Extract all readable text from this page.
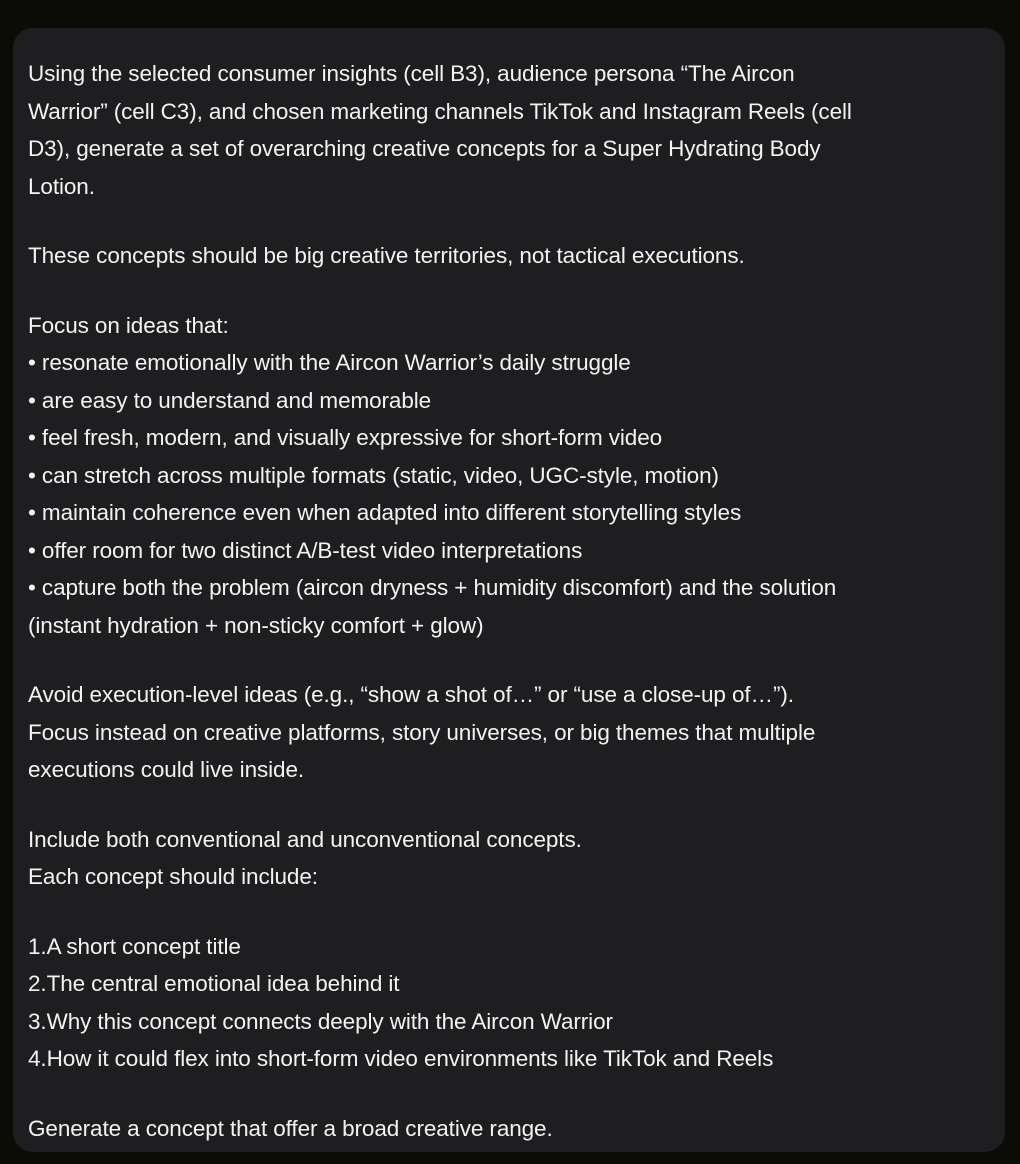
Using the selected consumer insights (cell B3), audience persona “The Aircon
Warrior” (cell C3), and chosen marketing channels TikTok and Instagram Reels (cell
D3), generate a set of overarching creative concepts for a Super Hydrating Body
Lotion.
These concepts should be big creative territories, not tactical executions.
Focus on ideas that:
• resonate emotionally with the Aircon Warrior’s daily struggle
• are easy to understand and memorable
• feel fresh, modern, and visually expressive for short-form video
• can stretch across multiple formats (static, video, UGC-style, motion)
• maintain coherence even when adapted into different storytelling styles
• offer room for two distinct A/B-test video interpretations
• capture both the problem (aircon dryness + humidity discomfort) and the solution
(instant hydration + non-sticky comfort + glow)
Avoid execution-level ideas (e.g., “show a shot of…” or “use a close-up of…”).
Focus instead on creative platforms, story universes, or big themes that multiple
executions could live inside.
Include both conventional and unconventional concepts.
Each concept should include:
1.A short concept title
2.The central emotional idea behind it
3.Why this concept connects deeply with the Aircon Warrior
4.How it could flex into short-form video environments like TikTok and Reels
Generate a concept that offer a broad creative range.
